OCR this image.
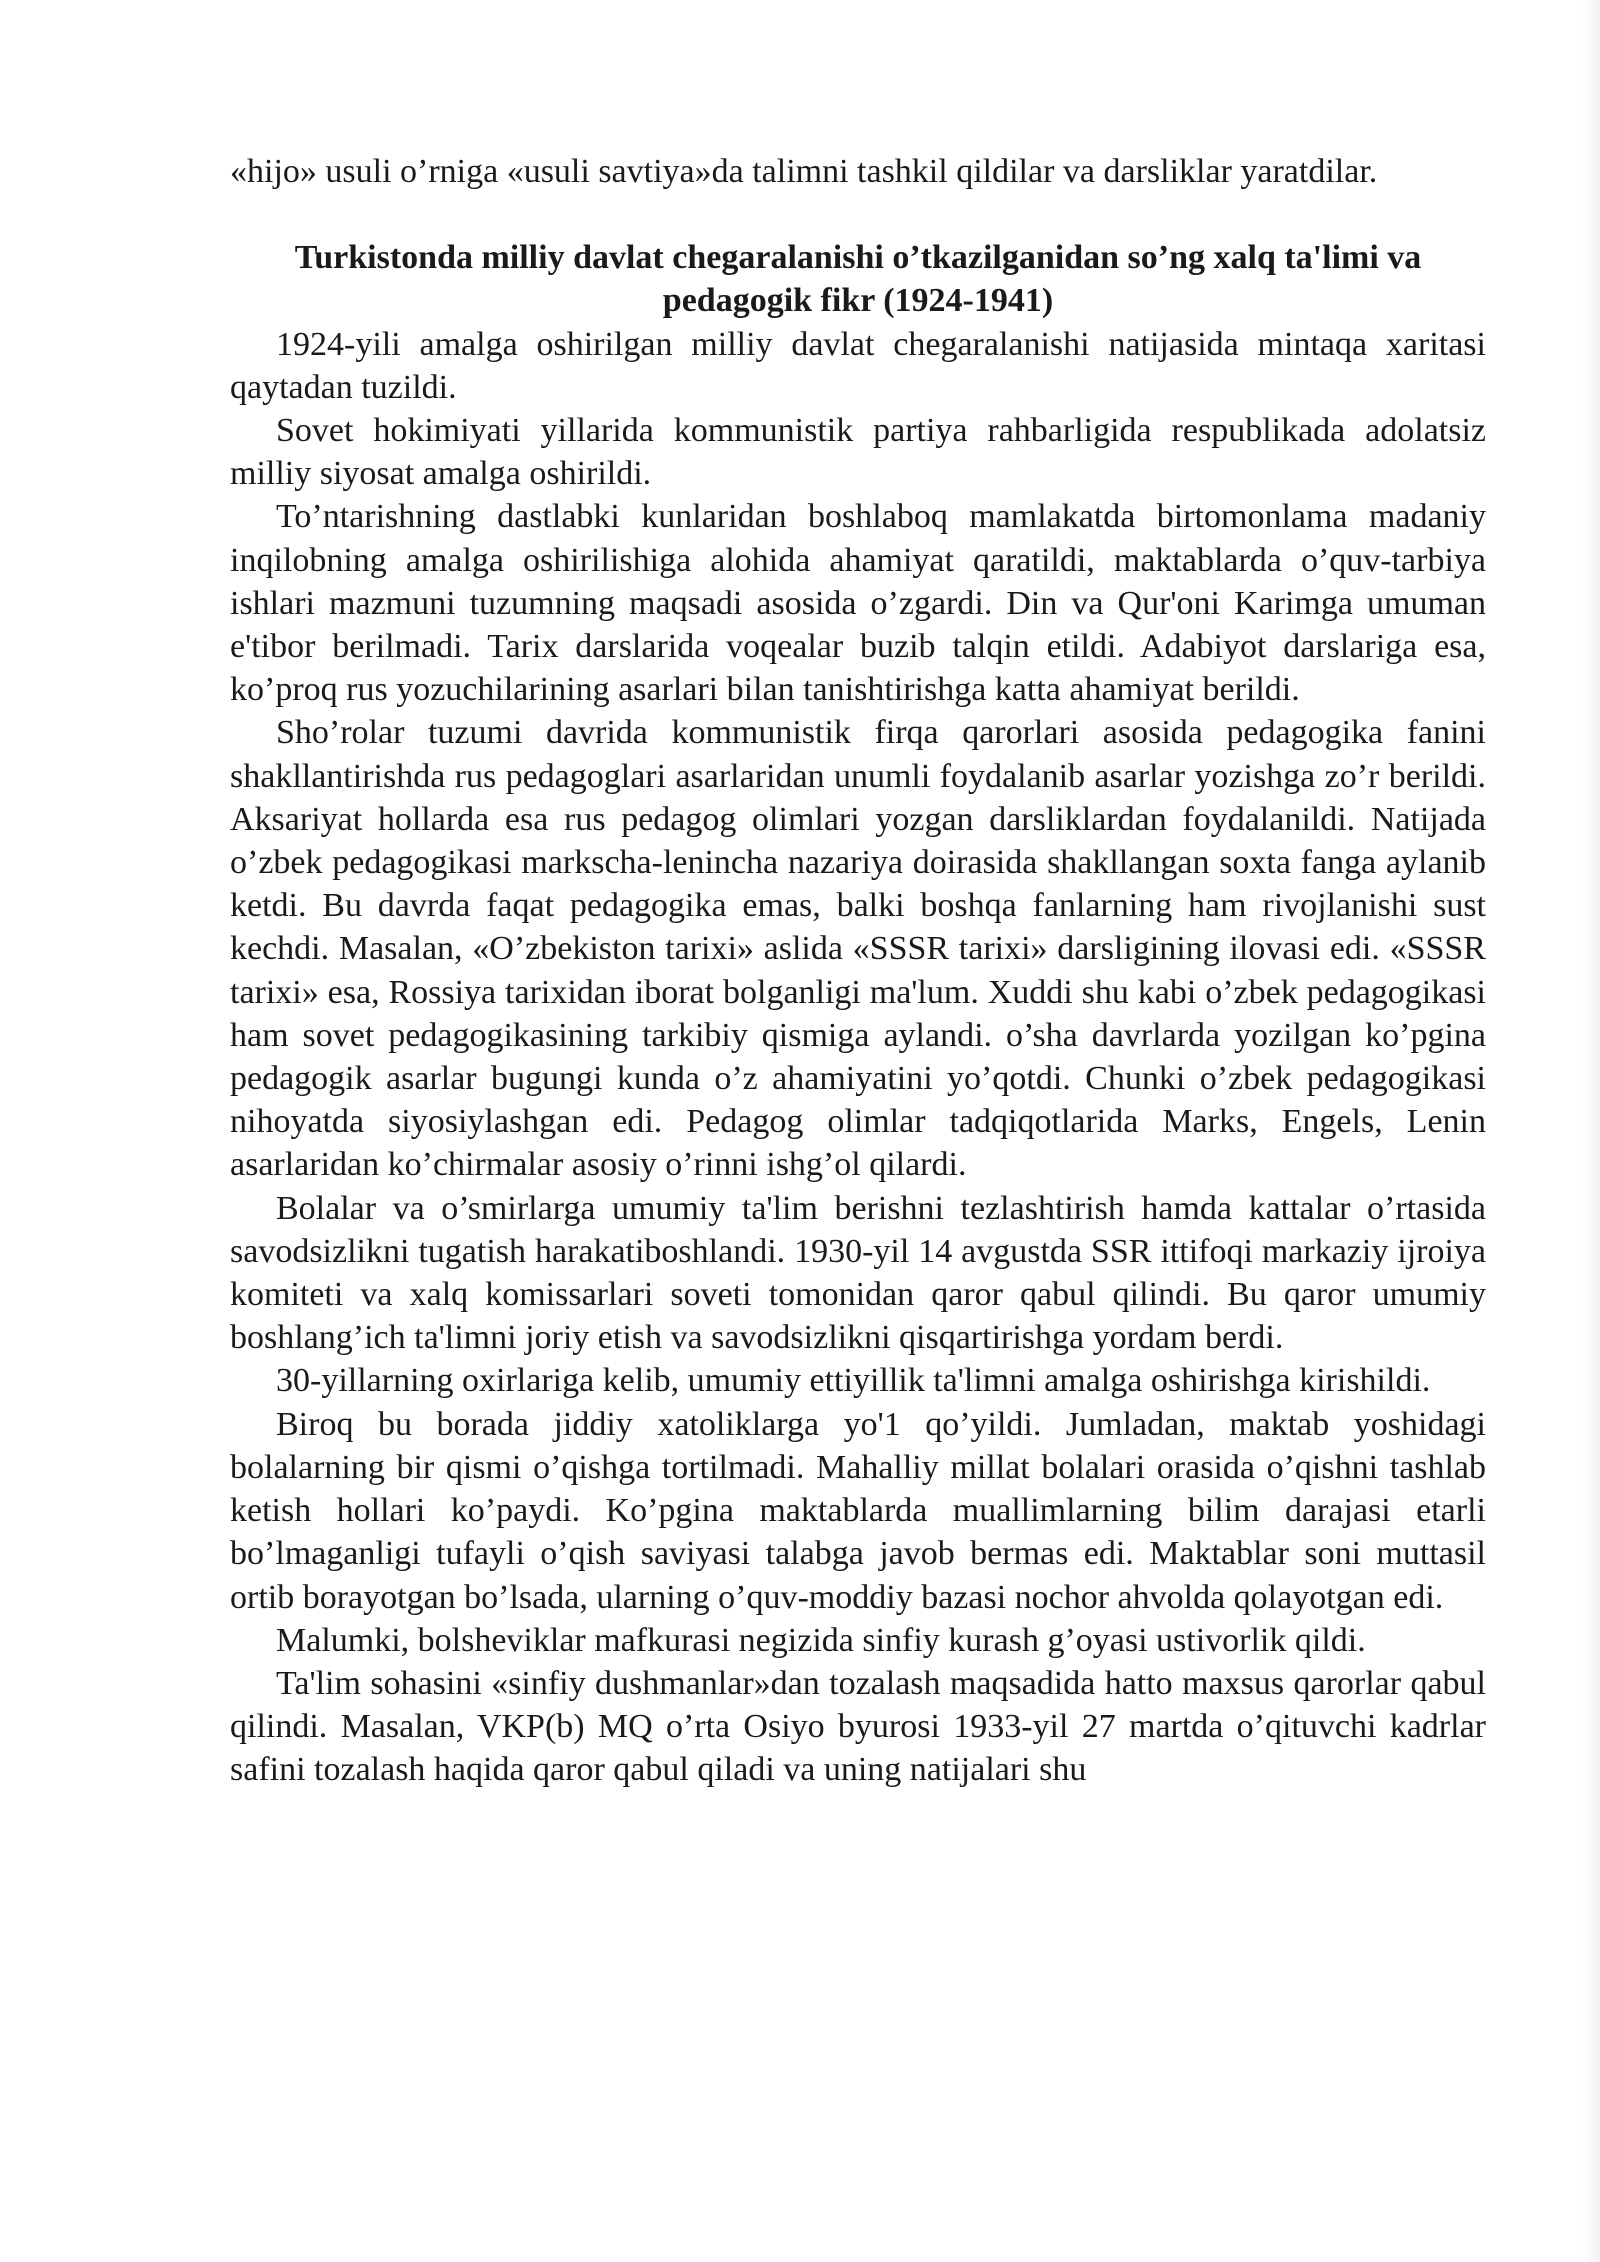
«hijo» usuli o’rniga «usuli savtiya»da talimni tashkil qildilar va darsliklar yaratdilar.

Turkistonda milliy davlat chegaralanishi o’tkazilganidan so’ng xalq ta'limi va pedagogik fikr (1924-1941)

1924-yili amalga oshirilgan milliy davlat chegaralanishi natijasida mintaqa xaritasi qaytadan tuzildi.

Sovet hokimiyati yillarida kommunistik partiya rahbarligida respublikada adolatsiz milliy siyosat amalga oshirildi.

To’ntarishning dastlabki kunlaridan boshlaboq mamlakatda birtomonlama madaniy inqilobning amalga oshirilishiga alohida ahamiyat qaratildi, maktablarda o’quv-tarbiya ishlari mazmuni tuzumning maqsadi asosida o’zgardi. Din va Qur'oni Karimga umuman e'tibor berilmadi. Tarix darslarida voqealar buzib talqin etildi. Adabiyot darslariga esa, ko’proq rus yozuchilarining asarlari bilan tanishtirishga katta ahamiyat berildi.

Sho’rolar tuzumi davrida kommunistik firqa qarorlari asosida pedagogika fanini shakllantirishda rus pedagoglari asarlaridan unumli foydalanib asarlar yozishga zo’r berildi. Aksariyat hollarda esa rus pedagog olimlari yozgan darsliklardan foydalanildi. Natijada o’zbek pedagogikasi markscha-lenincha nazariya doirasida shakllangan soxta fanga aylanib ketdi. Bu davrda faqat pedagogika emas, balki boshqa fanlarning ham rivojlanishi sust kechdi. Masalan, «O’zbekiston tarixi» aslida «SSSR tarixi» darsligining ilovasi edi. «SSSR tarixi» esa, Rossiya tarixidan iborat bolganligi ma'lum. Xuddi shu kabi o’zbek pedagogikasi ham sovet pedagogikasining tarkibiy qismiga aylandi. o’sha davrlarda yozilgan ko’pgina pedagogik asarlar bugungi kunda o’z ahamiyatini yo’qotdi. Chunki o’zbek pedagogikasi nihoyatda siyosiylashgan edi. Pedagog olimlar tadqiqotlarida Marks, Engels, Lenin asarlaridan ko’chirmalar asosiy o’rinni ishg’ol qilardi.

Bolalar va o’smirlarga umumiy ta'lim berishni tezlashtirish hamda kattalar o’rtasida savodsizlikni tugatish harakatiboshlandi. 1930-yil 14 avgustda SSR ittifoqi markaziy ijroiya komiteti va xalq komissarlari soveti tomonidan qaror qabul qilindi. Bu qaror umumiy boshlang’ich ta'limni joriy etish va savodsizlikni qisqartirishga yordam berdi.

30-yillarning oxirlariga kelib, umumiy ettiyillik ta'limni amalga oshirishga kirishildi.

Biroq bu borada jiddiy xatoliklarga yo'1 qo’yildi. Jumladan, maktab yoshidagi bolalarning bir qismi o’qishga tortilmadi. Mahalliy millat bolalari orasida o’qishni tashlab ketish hollari ko’paydi. Ko’pgina maktablarda muallimlarning bilim darajasi etarli bo’lmaganligi tufayli o’qish saviyasi talabga javob bermas edi. Maktablar soni muttasil ortib borayotgan bo’lsada, ularning o’quv-moddiy bazasi nochor ahvolda qolayotgan edi.

Malumki, bolsheviklar mafkurasi negizida sinfiy kurash g’oyasi ustivorlik qildi.

Ta'lim sohasini «sinfiy dushmanlar»dan tozalash maqsadida hatto maxsus qarorlar qabul qilindi. Masalan, VKP(b) MQ o’rta Osiyo byurosi 1933-yil 27 martda o’qituvchi kadrlar safini tozalash haqida qaror qabul qiladi va uning natijalari shu
